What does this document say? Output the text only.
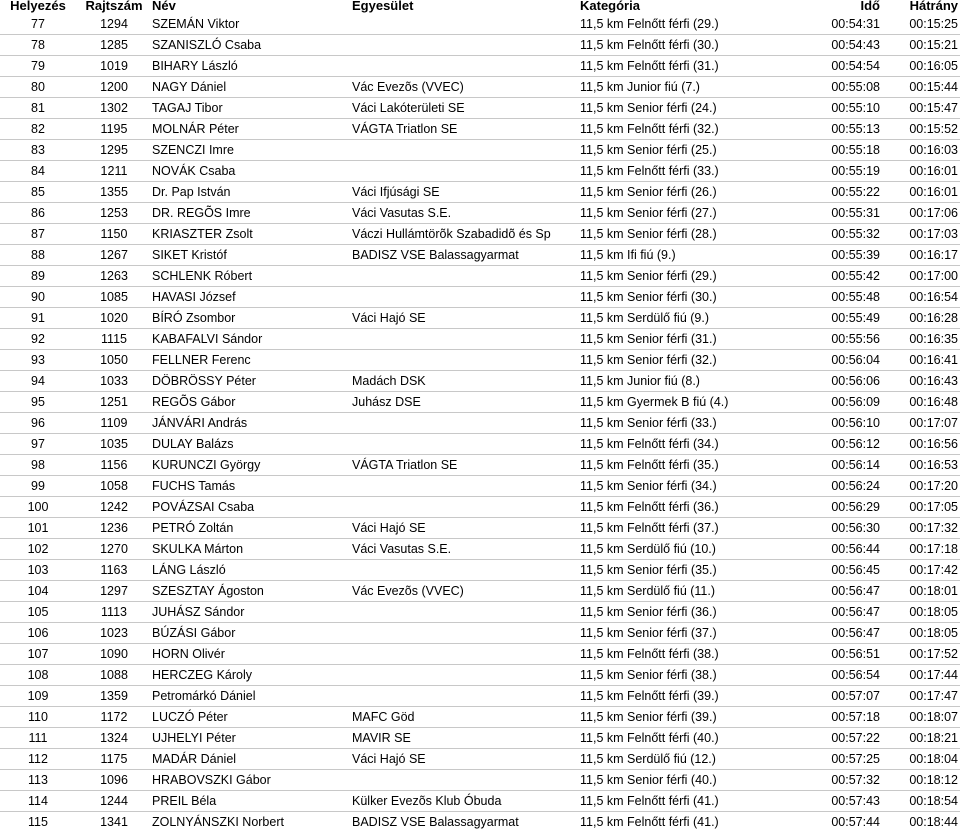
Helyezés	Rajtszám	Név	Egyesület	Kategória	Idő	Hátrány
77	1294	SZEMÁN Viktor		11,5 km Felnőtt férfi (29.)	00:54:31	00:15:25
78	1285	SZANISZLÓ Csaba		11,5 km Felnőtt férfi (30.)	00:54:43	00:15:21
79	1019	BIHARY László		11,5 km Felnőtt férfi (31.)	00:54:54	00:16:05
80	1200	NAGY Dániel	Vác Evezõs (VVEC)	11,5 km Junior fiú (7.)	00:55:08	00:15:44
81	1302	TAGAJ Tibor	Váci Lakóterületi SE	11,5 km Senior férfi (24.)	00:55:10	00:15:47
82	1195	MOLNÁR Péter	VÁGTA Triatlon SE	11,5 km Felnőtt férfi (32.)	00:55:13	00:15:52
83	1295	SZENCZI Imre		11,5 km Senior férfi (25.)	00:55:18	00:16:03
84	1211	NOVÁK Csaba		11,5 km Felnőtt férfi (33.)	00:55:19	00:16:01
85	1355	Dr. Pap István	Váci Ifjúsági SE	11,5 km Senior férfi (26.)	00:55:22	00:16:01
86	1253	DR. REGÕS Imre	Váci Vasutas S.E.	11,5 km Senior férfi (27.)	00:55:31	00:17:06
87	1150	KRIASZTER Zsolt	Váczi Hullámtörõk Szabadidõ és Sp	11,5 km Senior férfi (28.)	00:55:32	00:17:03
88	1267	SIKET Kristóf	BADISZ VSE Balassagyarmat	11,5 km Ifi fiú (9.)	00:55:39	00:16:17
89	1263	SCHLENK Róbert		11,5 km Senior férfi (29.)	00:55:42	00:17:00
90	1085	HAVASI József		11,5 km Senior férfi (30.)	00:55:48	00:16:54
91	1020	BÍRÓ Zsombor	Váci Hajó SE	11,5 km Serdülő fiú (9.)	00:55:49	00:16:28
92	1115	KABAFALVI Sándor		11,5 km Senior férfi (31.)	00:55:56	00:16:35
93	1050	FELLNER Ferenc		11,5 km Senior férfi (32.)	00:56:04	00:16:41
94	1033	DÖBRÖSSY Péter	Madách DSK	11,5 km Junior fiú (8.)	00:56:06	00:16:43
95	1251	REGÕS Gábor	Juhász DSE	11,5 km Gyermek B fiú (4.)	00:56:09	00:16:48
96	1109	JÁNVÁRI András		11,5 km Senior férfi (33.)	00:56:10	00:17:07
97	1035	DULAY Balázs		11,5 km Felnőtt férfi (34.)	00:56:12	00:16:56
98	1156	KURUNCZI György	VÁGTA Triatlon SE	11,5 km Felnőtt férfi (35.)	00:56:14	00:16:53
99	1058	FUCHS Tamás		11,5 km Senior férfi (34.)	00:56:24	00:17:20
100	1242	POVÁZSAI Csaba		11,5 km Felnőtt férfi (36.)	00:56:29	00:17:05
101	1236	PETRÓ Zoltán	Váci Hajó SE	11,5 km Felnőtt férfi (37.)	00:56:30	00:17:32
102	1270	SKULKA Márton	Váci Vasutas S.E.	11,5 km Serdülő fiú (10.)	00:56:44	00:17:18
103	1163	LÁNG László		11,5 km Senior férfi (35.)	00:56:45	00:17:42
104	1297	SZESZTAY Ágoston	Vác Evezõs (VVEC)	11,5 km Serdülő fiú (11.)	00:56:47	00:18:01
105	1113	JUHÁSZ Sándor		11,5 km Senior férfi (36.)	00:56:47	00:18:05
106	1023	BÚZÁSI Gábor		11,5 km Senior férfi (37.)	00:56:47	00:18:05
107	1090	HORN Olivér		11,5 km Felnőtt férfi (38.)	00:56:51	00:17:52
108	1088	HERCZEG Károly		11,5 km Senior férfi (38.)	00:56:54	00:17:44
109	1359	Petromárkó Dániel		11,5 km Felnőtt férfi (39.)	00:57:07	00:17:47
110	1172	LUCZÓ Péter	MAFC Göd	11,5 km Senior férfi (39.)	00:57:18	00:18:07
111	1324	UJHELYI Péter	MAVIR SE	11,5 km Felnőtt férfi (40.)	00:57:22	00:18:21
112	1175	MADÁR Dániel	Váci Hajó SE	11,5 km Serdülő fiú (12.)	00:57:25	00:18:04
113	1096	HRABOVSZKI Gábor		11,5 km Senior férfi (40.)	00:57:32	00:18:12
114	1244	PREIL Béla	Külker Evezõs Klub Óbuda	11,5 km Felnőtt férfi (41.)	00:57:43	00:18:54
115	1341	ZOLNYÁNSZKI Norbert	BADISZ VSE Balassagyarmat	11,5 km Felnőtt férfi (41.)	00:57:44	00:18:44
